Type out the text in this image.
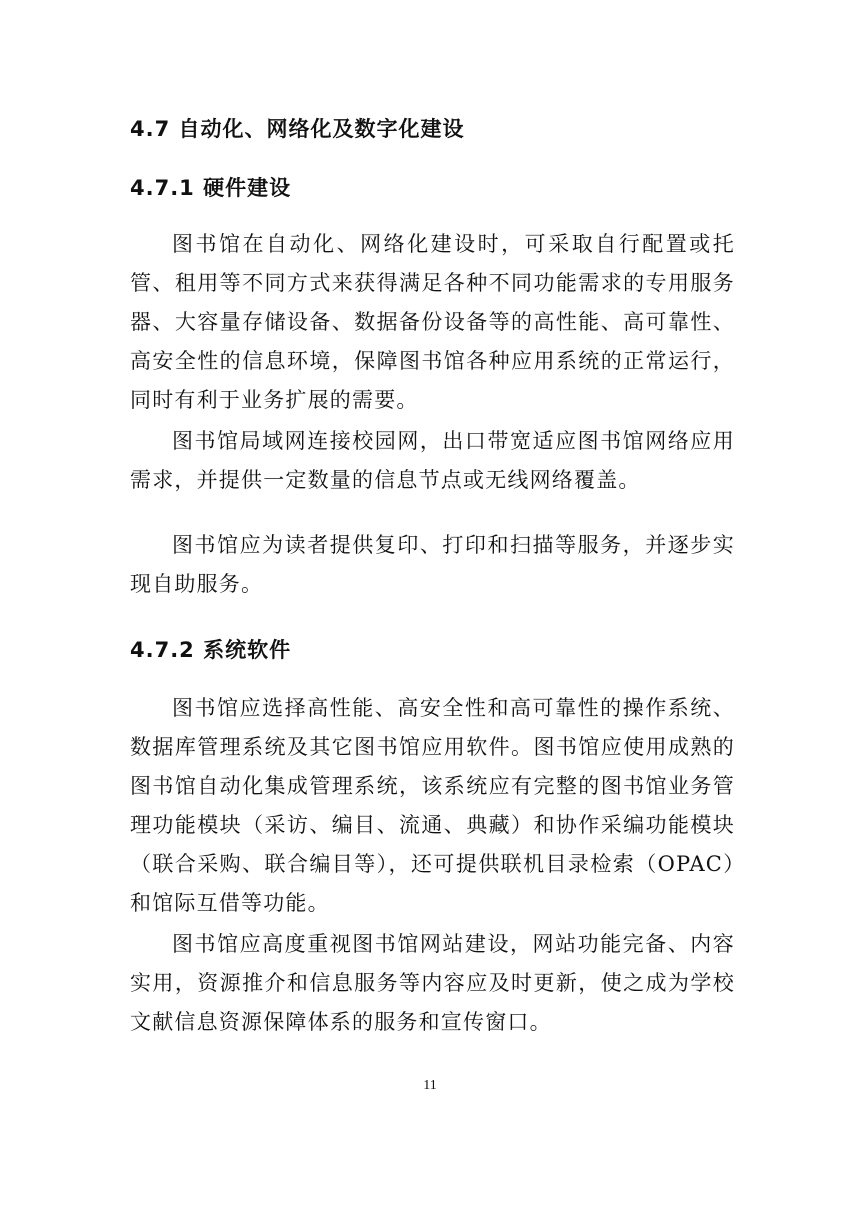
4.7 自动化、网络化及数字化建设
4.7.1 硬件建设
图书馆在自动化、网络化建设时，可采取自行配置或托管、租用等不同方式来获得满足各种不同功能需求的专用服务器、大容量存储设备、数据备份设备等的高性能、高可靠性、高安全性的信息环境，保障图书馆各种应用系统的正常运行，同时有利于业务扩展的需要。
图书馆局域网连接校园网，出口带宽适应图书馆网络应用需求，并提供一定数量的信息节点或无线网络覆盖。
图书馆应为读者提供复印、打印和扫描等服务，并逐步实现自助服务。
4.7.2 系统软件
图书馆应选择高性能、高安全性和高可靠性的操作系统、数据库管理系统及其它图书馆应用软件。图书馆应使用成熟的图书馆自动化集成管理系统，该系统应有完整的图书馆业务管理功能模块（采访、编目、流通、典藏）和协作采编功能模块（联合采购、联合编目等），还可提供联机目录检索（OPAC）和馆际互借等功能。
图书馆应高度重视图书馆网站建设，网站功能完备、内容实用，资源推介和信息服务等内容应及时更新，使之成为学校文献信息资源保障体系的服务和宣传窗口。
11
